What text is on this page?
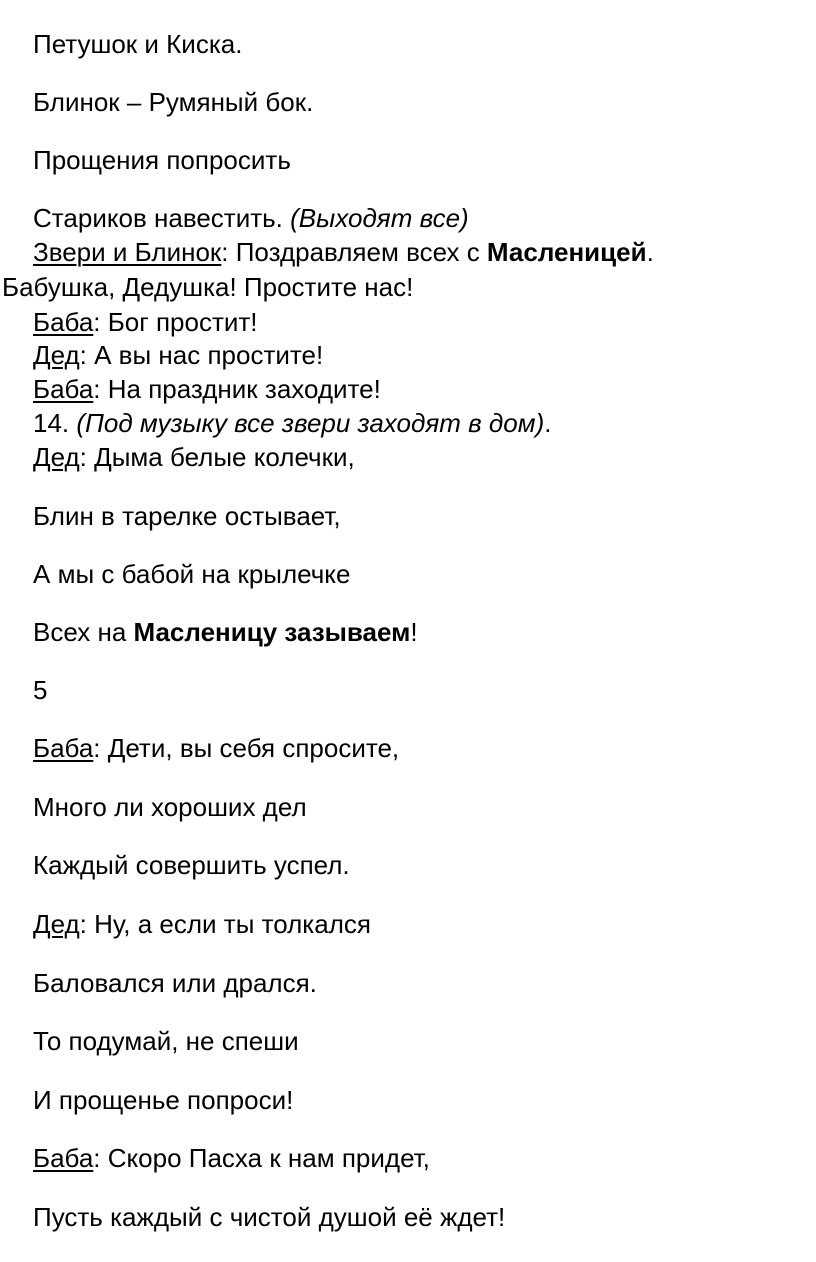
Петушок и Киска.
Блинок – Румяный бок.
Прощения попросить
Стариков навестить. (Выходят все)
Звери и Блинок: Поздравляем всех с Масленицей.
Бабушка, Дедушка! Простите нас!
Баба: Бог простит!
Дед: А вы нас простите!
Баба: На праздник заходите!
14. (Под музыку все звери заходят в дом).
Дед: Дыма белые колечки,
Блин в тарелке остывает,
А мы с бабой на крылечке
Всех на Масленицу зазываем!
5
Баба: Дети, вы себя спросите,
Много ли хороших дел
Каждый совершить успел.
Дед: Ну, а если ты толкался
Баловался или дрался.
То подумай, не спеши
И прощенье попроси!
Баба: Скоро Пасха к нам придет,
Пусть каждый с чистой душой её ждет!
